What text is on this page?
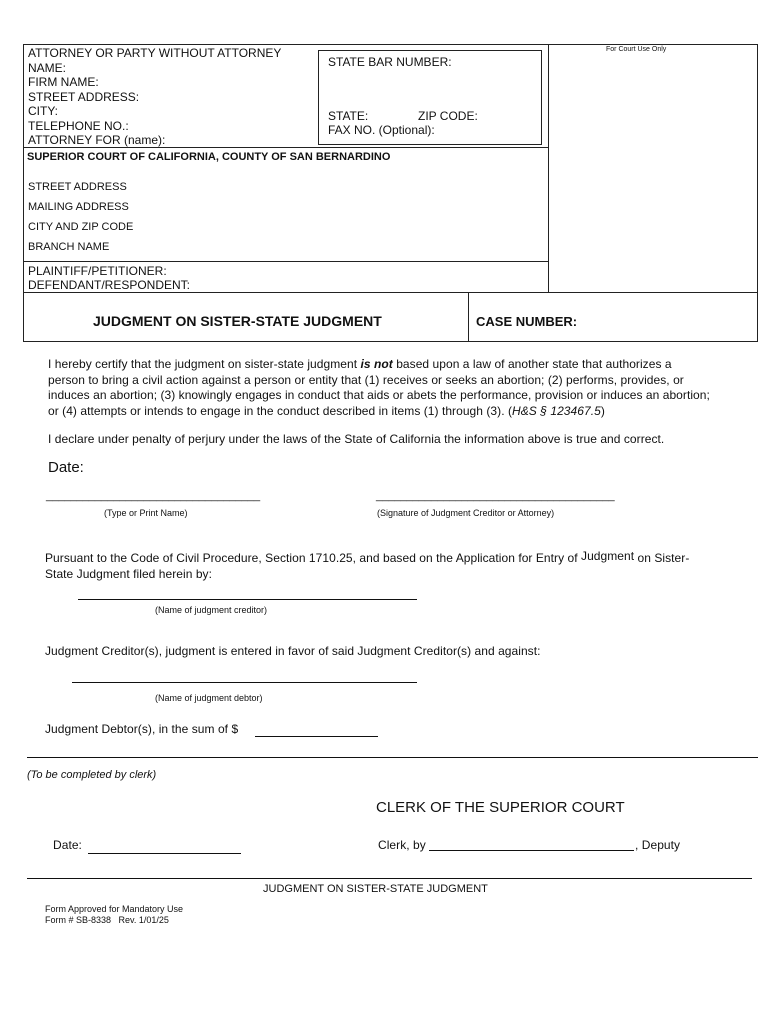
For Court Use Only
ATTORNEY OR PARTY WITHOUT ATTORNEY
NAME:
FIRM NAME:
STREET ADDRESS:
CITY:
TELEPHONE NO.:
ATTORNEY FOR (name):
STATE BAR NUMBER:
STATE:	ZIP CODE:
FAX NO. (Optional):
SUPERIOR COURT OF CALIFORNIA, COUNTY OF SAN BERNARDINO
STREET ADDRESS
MAILING ADDRESS
CITY AND ZIP CODE
BRANCH NAME
PLAINTIFF/PETITIONER:
DEFENDANT/RESPONDENT:
JUDGMENT ON SISTER-STATE JUDGMENT	CASE NUMBER:
I hereby certify that the judgment on sister-state judgment is not based upon a law of another state that authorizes a
person to bring a civil action against a person or entity that (1) receives or seeks an abortion; (2) performs, provides, or
induces an abortion; (3) knowingly engages in conduct that aids or abets the performance, provision or induces an abortion;
or (4) attempts or intends to engage in the conduct described in items (1) through (3). (H&S § 123467.5)
I declare under penalty of perjury under the laws of the State of California the information above is true and correct.
Date:
___________________________________	_______________________________________
(Type or Print Name)	(Signature of Judgment Creditor or Attorney)
Pursuant to the Code of Civil Procedure, Section 1710.25, and based on the Application for Entry of Judgment on Sister-
State Judgment filed herein by:
(Name of judgment creditor)
Judgment Creditor(s), judgment is entered in favor of said Judgment Creditor(s) and against:
(Name of judgment debtor)
Judgment Debtor(s), in the sum of $
(To be completed by clerk)
CLERK OF THE SUPERIOR COURT
Date:	Clerk, by	, Deputy
JUDGMENT ON SISTER-STATE JUDGMENT
Form Approved for Mandatory Use
Form # SB-8338   Rev. 1/01/25
